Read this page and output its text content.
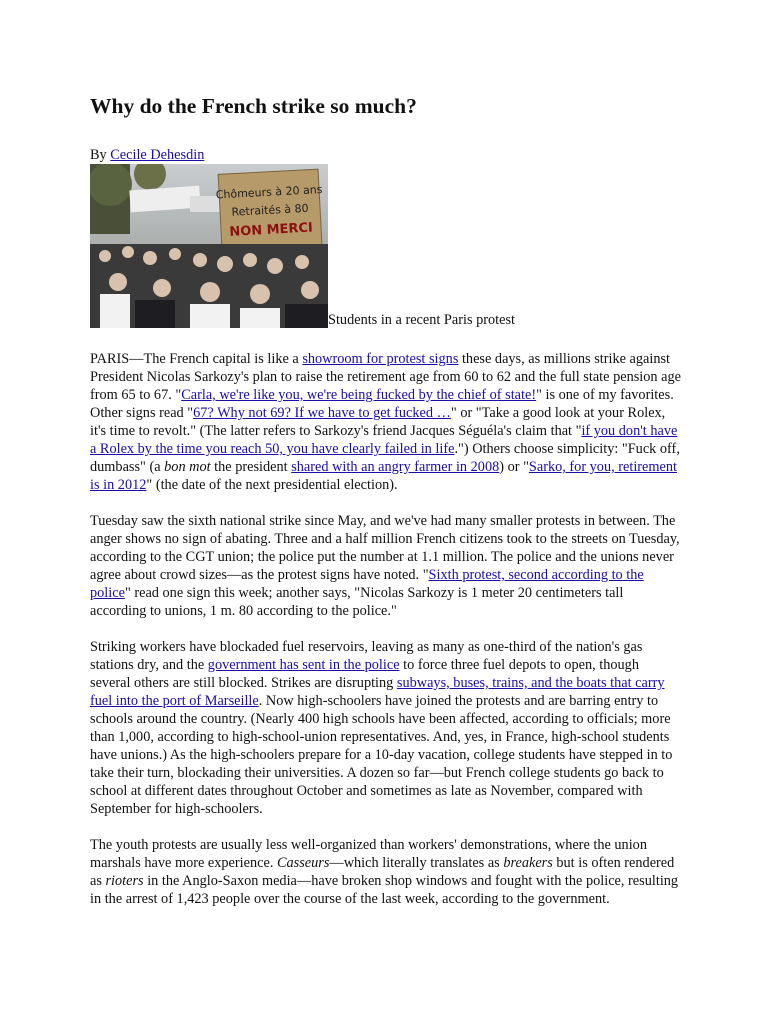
Why do the French strike so much?
By Cecile Dehesdin
Chômeurs à 20 ans
Retraités à 80
NON MERCI
Students in a recent Paris protest

PARIS—The French capital is like a showroom for protest signs these days, as millions strike against President Nicolas Sarkozy's plan to raise the retirement age from 60 to 62 and the full state pension age from 65 to 67. "Carla, we're like you, we're being fucked by the chief of state!" is one of my favorites. Other signs read "67? Why not 69? If we have to get fucked …" or "Take a good look at your Rolex, it's time to revolt." (The latter refers to Sarkozy's friend Jacques Séguéla's claim that "if you don't have a Rolex by the time you reach 50, you have clearly failed in life.") Others choose simplicity: "Fuck off, dumbass" (a bon mot the president shared with an angry farmer in 2008) or "Sarko, for you, retirement is in 2012" (the date of the next presidential election).

Tuesday saw the sixth national strike since May, and we've had many smaller protests in between. The anger shows no sign of abating. Three and a half million French citizens took to the streets on Tuesday, according to the CGT union; the police put the number at 1.1 million. The police and the unions never agree about crowd sizes—as the protest signs have noted. "Sixth protest, second according to the police" read one sign this week; another says, "Nicolas Sarkozy is 1 meter 20 centimeters tall according to unions, 1 m. 80 according to the police."

Striking workers have blockaded fuel reservoirs, leaving as many as one-third of the nation's gas stations dry, and the government has sent in the police to force three fuel depots to open, though several others are still blocked. Strikes are disrupting subways, buses, trains, and the boats that carry fuel into the port of Marseille. Now high-schoolers have joined the protests and are barring entry to schools around the country. (Nearly 400 high schools have been affected, according to officials; more than 1,000, according to high-school-union representatives. And, yes, in France, high-school students have unions.) As the high-schoolers prepare for a 10-day vacation, college students have stepped in to take their turn, blockading their universities. A dozen so far—but French college students go back to school at different dates throughout October and sometimes as late as November, compared with September for high-schoolers.

The youth protests are usually less well-organized than workers' demonstrations, where the union marshals have more experience. Casseurs—which literally translates as breakers but is often rendered as rioters in the Anglo-Saxon media—have broken shop windows and fought with the police, resulting in the arrest of 1,423 people over the course of the last week, according to the government.
